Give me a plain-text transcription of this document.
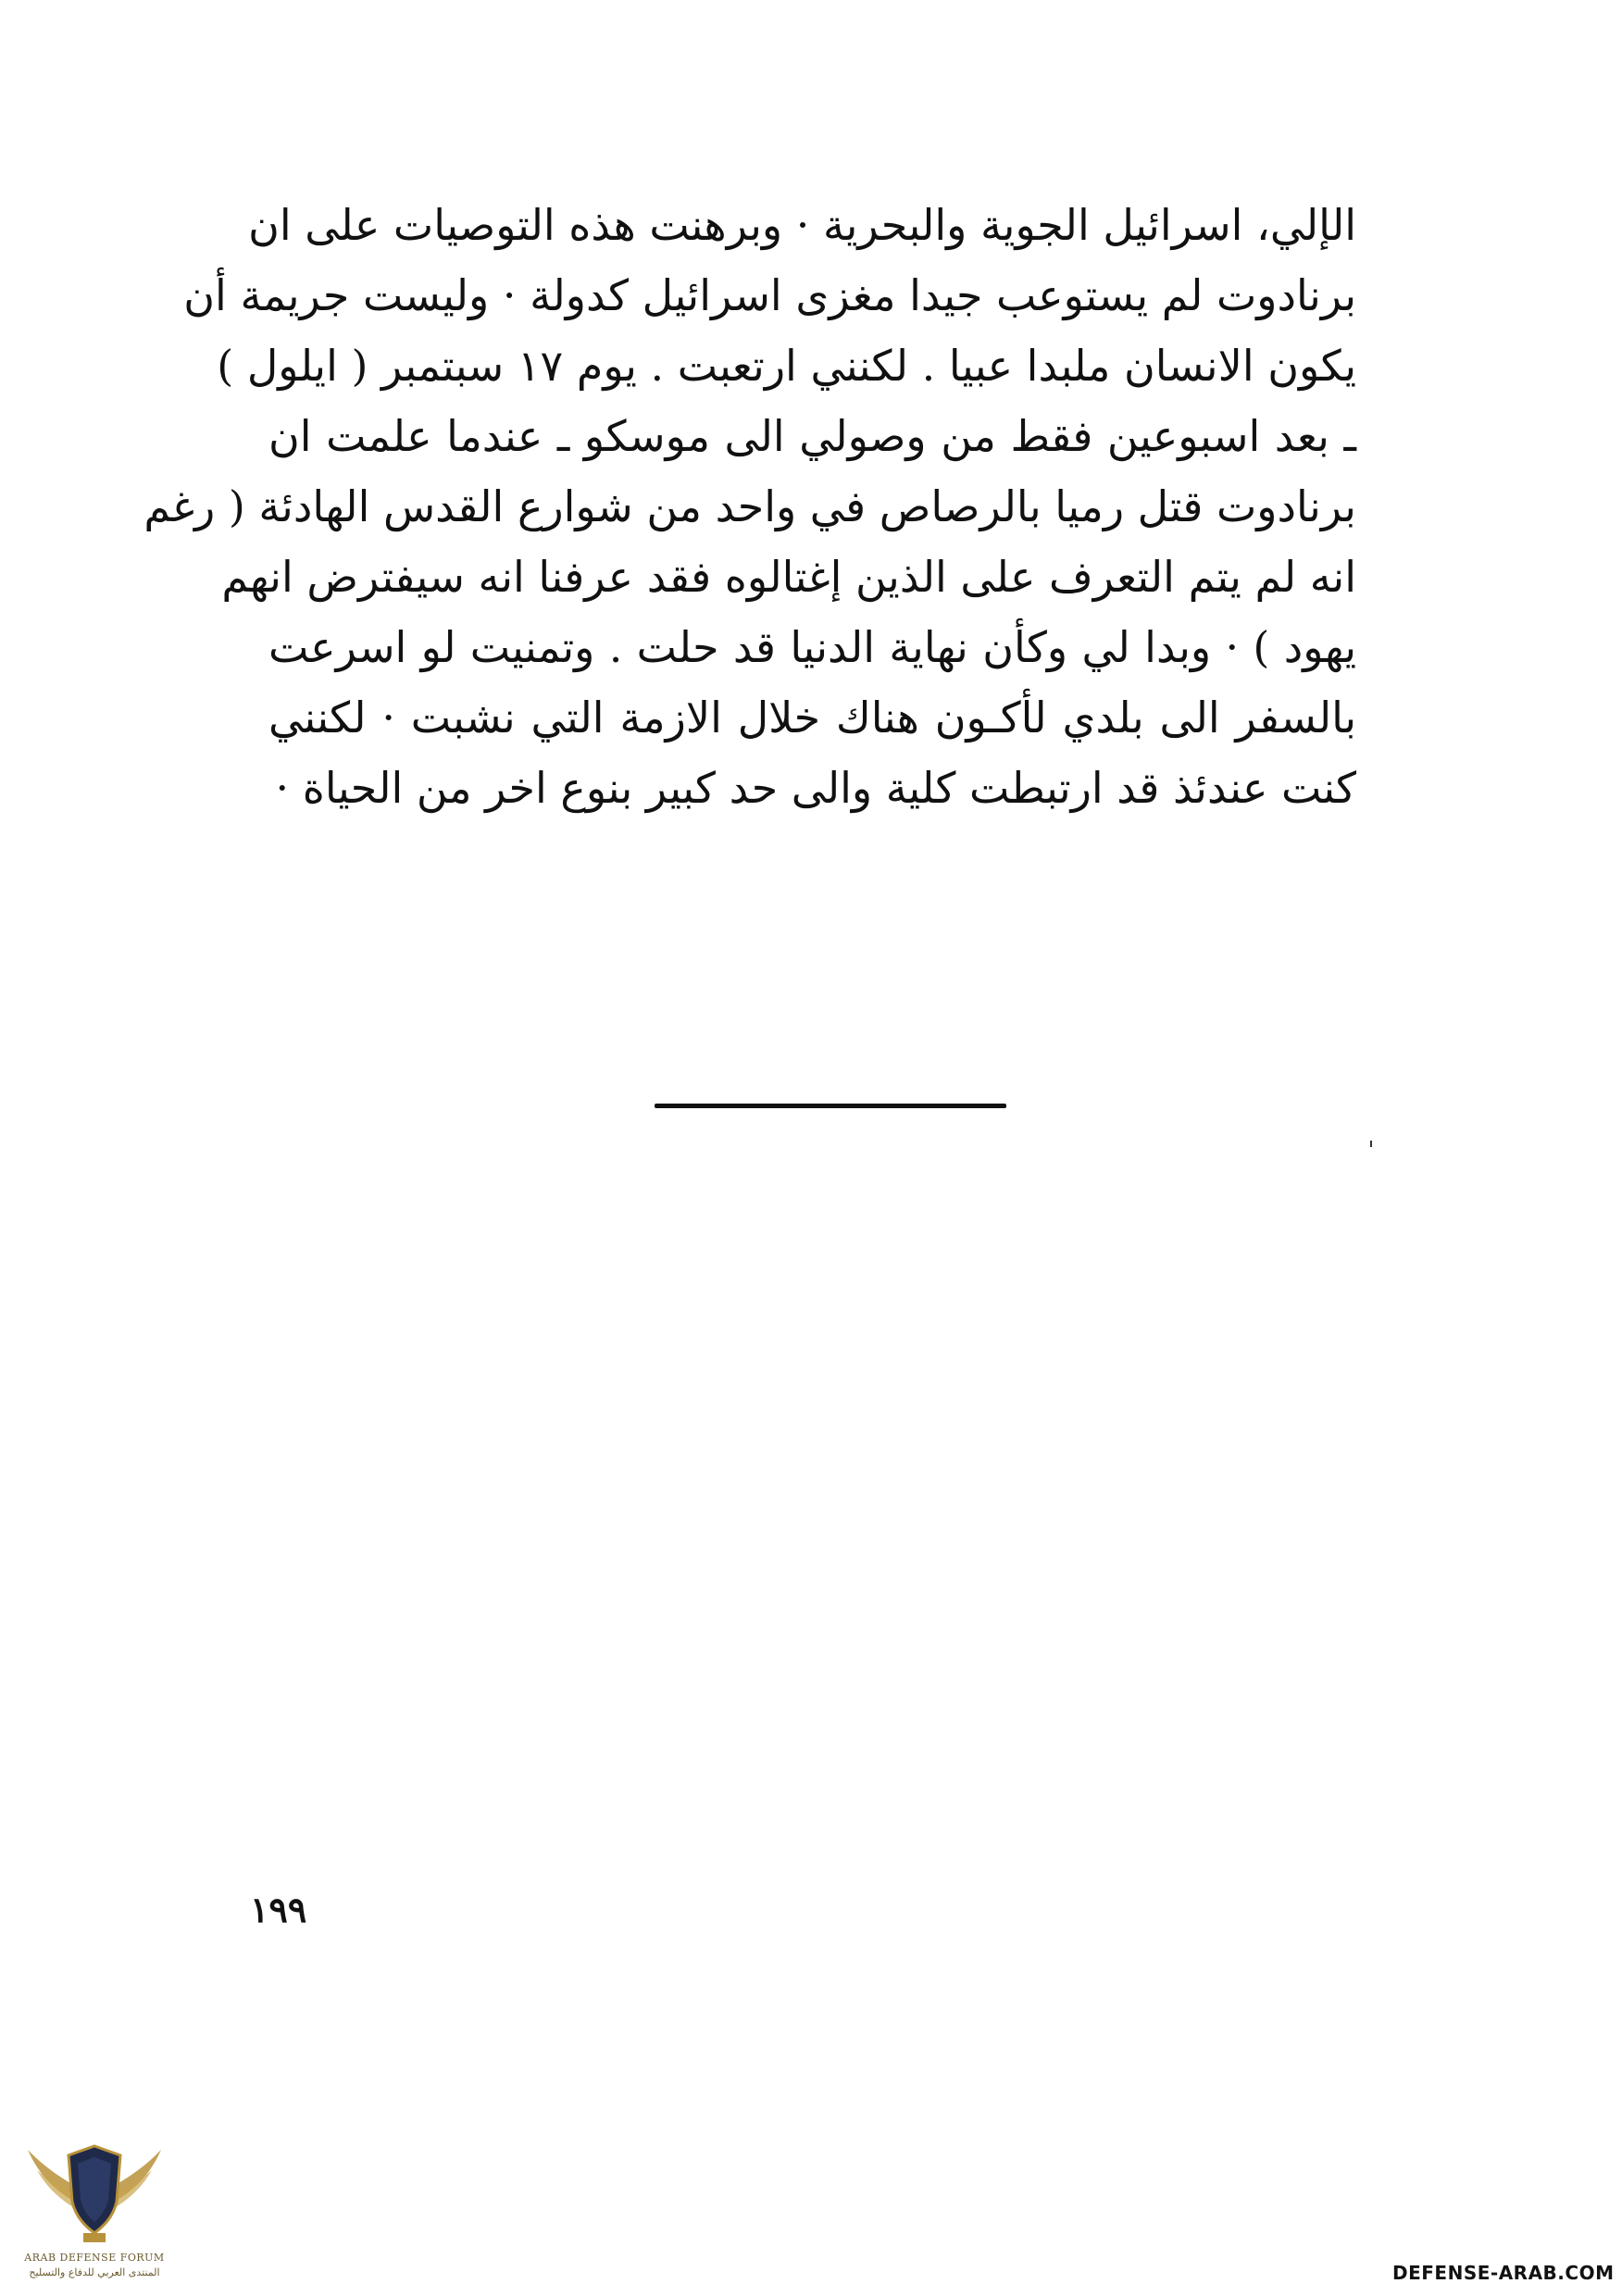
الإلي، اسرائيل الجوية والبحرية · وبرهنت هذه التوصيات على ان
برنادوت لم يستوعب جيدا مغزى اسرائيل كدولة · وليست جريمة أن
يكون الانسان ملبدا عبيا . لكنني ارتعبت . يوم ١٧ سبتمبر ( ايلول )
ـ بعد اسبوعين فقط من وصولي الى موسكو ـ عندما علمت ان
برنادوت قتل رميا بالرصاص في واحد من شوارع القدس الهادئة ( رغم
انه لم يتم التعرف على الذين إغتالوه فقد عرفنا انه سيفترض انهم
يهود ) · وبدا لي وكأن نهاية الدنيا قد حلت . وتمنيت لو اسرعت
بالسفر الى بلدي لأكـون هناك خلال الازمة التي نشبت · لكنني
كنت عندئذ قد ارتبطت كلية والى حد كبير بنوع اخر من الحياة ·
١٩٩
ARAB DEFENSE FORUM
المنتدى العربي للدفاع والتسليح	DEFENSE-ARAB.COM
